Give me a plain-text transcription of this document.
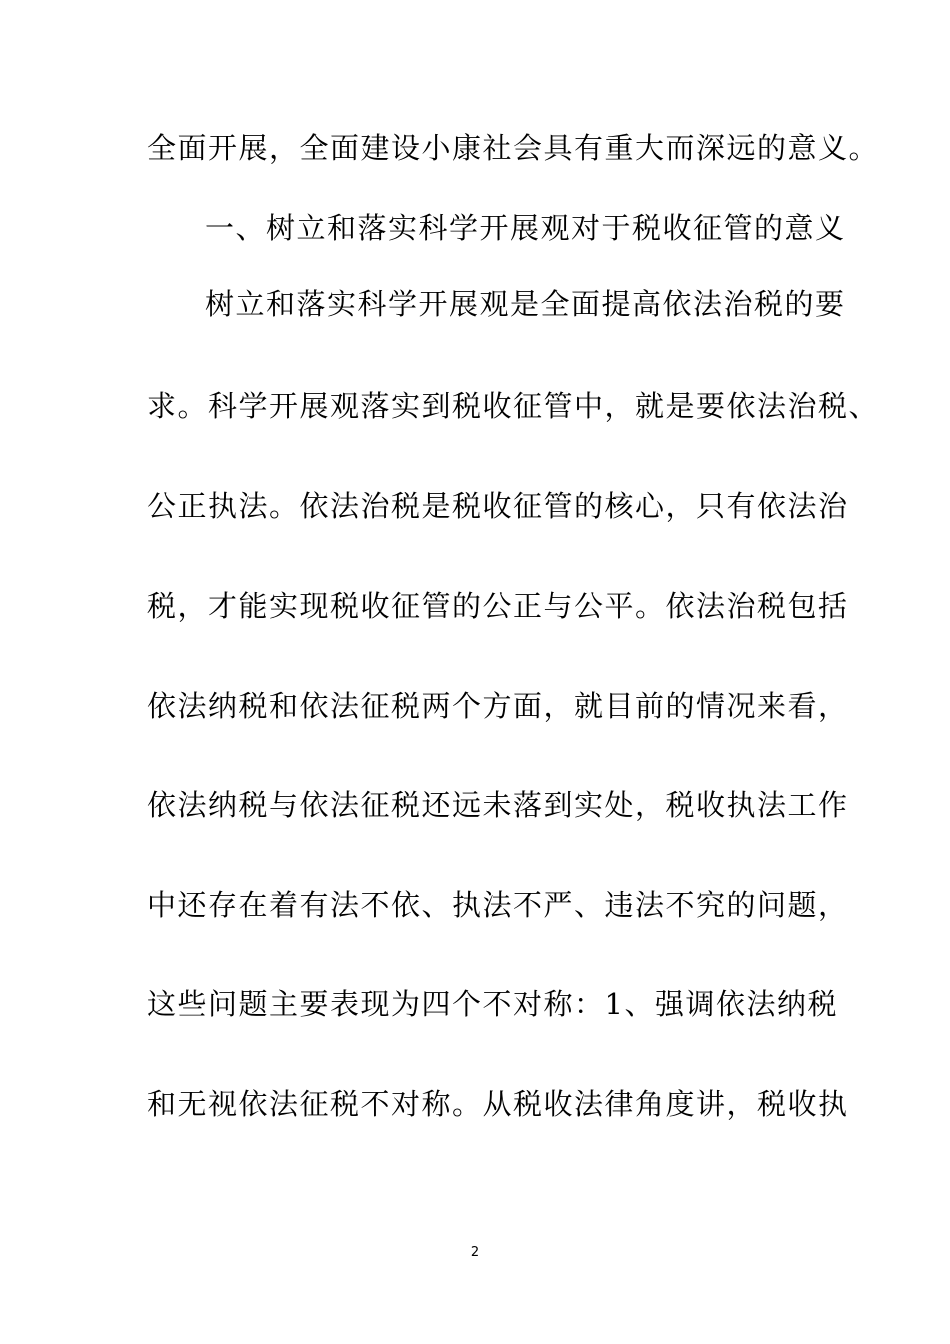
全面开展，全面建设小康社会具有重大而深远的意义。
一、树立和落实科学开展观对于税收征管的意义
树立和落实科学开展观是全面提高依法治税的要
求。科学开展观落实到税收征管中，就是要依法治税、
公正执法。依法治税是税收征管的核心，只有依法治
税，才能实现税收征管的公正与公平。依法治税包括
依法纳税和依法征税两个方面，就目前的情况来看，
依法纳税与依法征税还远未落到实处，税收执法工作
中还存在着有法不依、执法不严、违法不究的问题，
这些问题主要表现为四个不对称：1、强调依法纳税
和无视依法征税不对称。从税收法律角度讲，税收执
2
